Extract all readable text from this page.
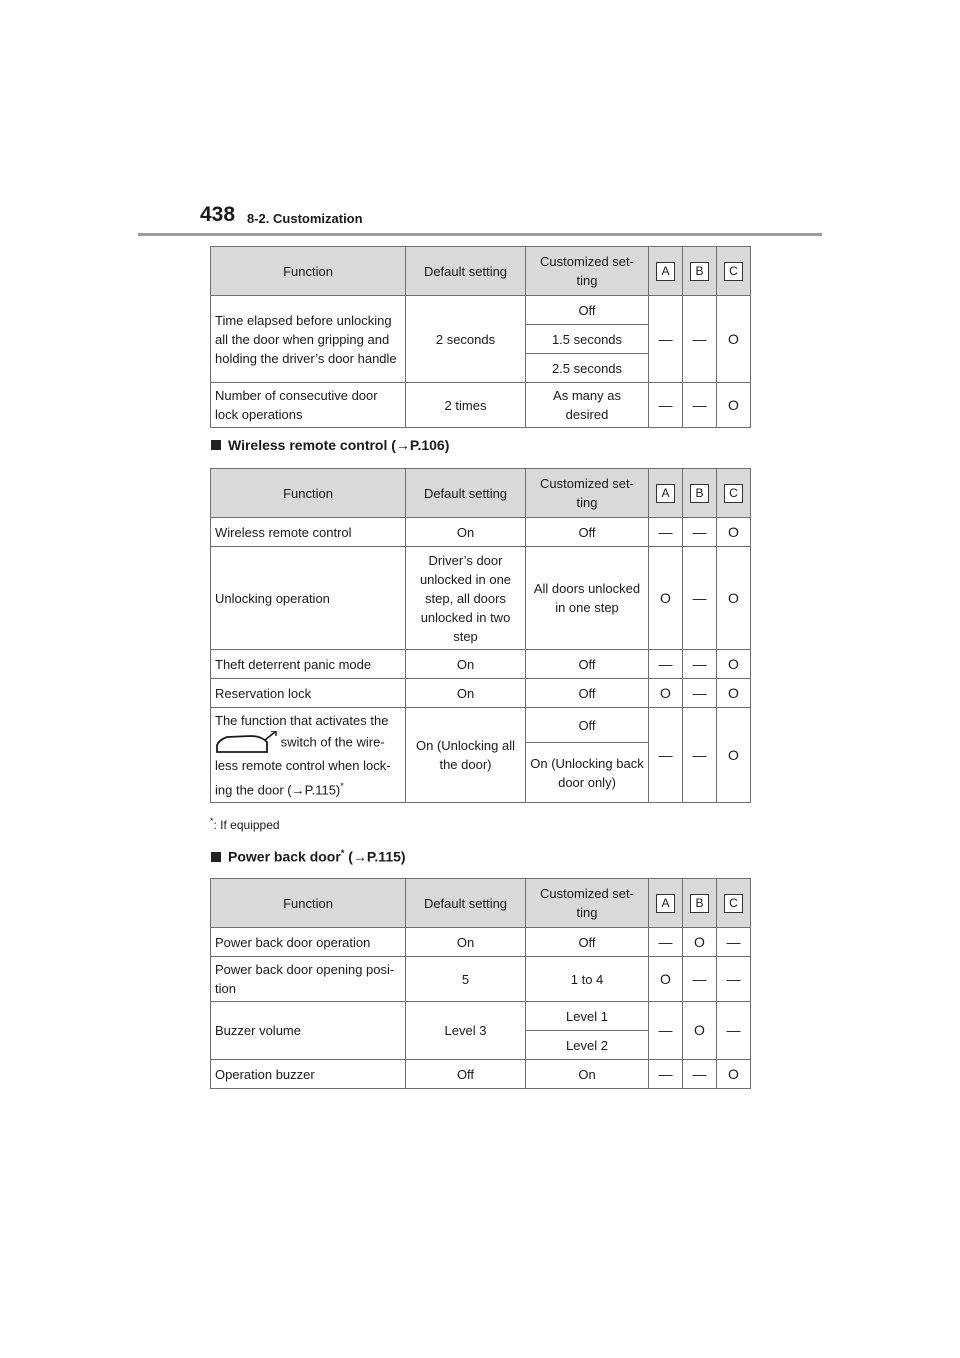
438 8-2. Customization
Function	Default setting	Customized set-ting	A	B	C
Time elapsed before unlocking all the door when gripping and holding the driver’s door handle	2 seconds	Off	—	—	O
		1.5 seconds			
		2.5 seconds			
Number of consecutive door lock operations	2 times	As many as desired	—	—	O
Wireless remote control (→P.106)
Function	Default setting	Customized set-ting	A	B	C
Wireless remote control	On	Off	—	—	O
Unlocking operation	Driver’s door unlocked in one step, all doors unlocked in two step	All doors unlocked in one step	O	—	O
Theft deterrent panic mode	On	Off	—	—	O
Reservation lock	On	Off	O	—	O
The function that activates the
switch of the wire-less remote control when lock-ing the door (→P.115)*	On (Unlocking all the door)	Off	—	—	O
		On (Unlocking back door only)			
*: If equipped
Power back door* (→P.115)
Function	Default setting	Customized set-ting	A	B	C
Power back door operation	On	Off	—	O	—
Power back door opening posi-tion	5	1 to 4	O	—	—
Buzzer volume	Level 3	Level 1	—	O	—
		Level 2			
Operation buzzer	Off	On	—	—	O
